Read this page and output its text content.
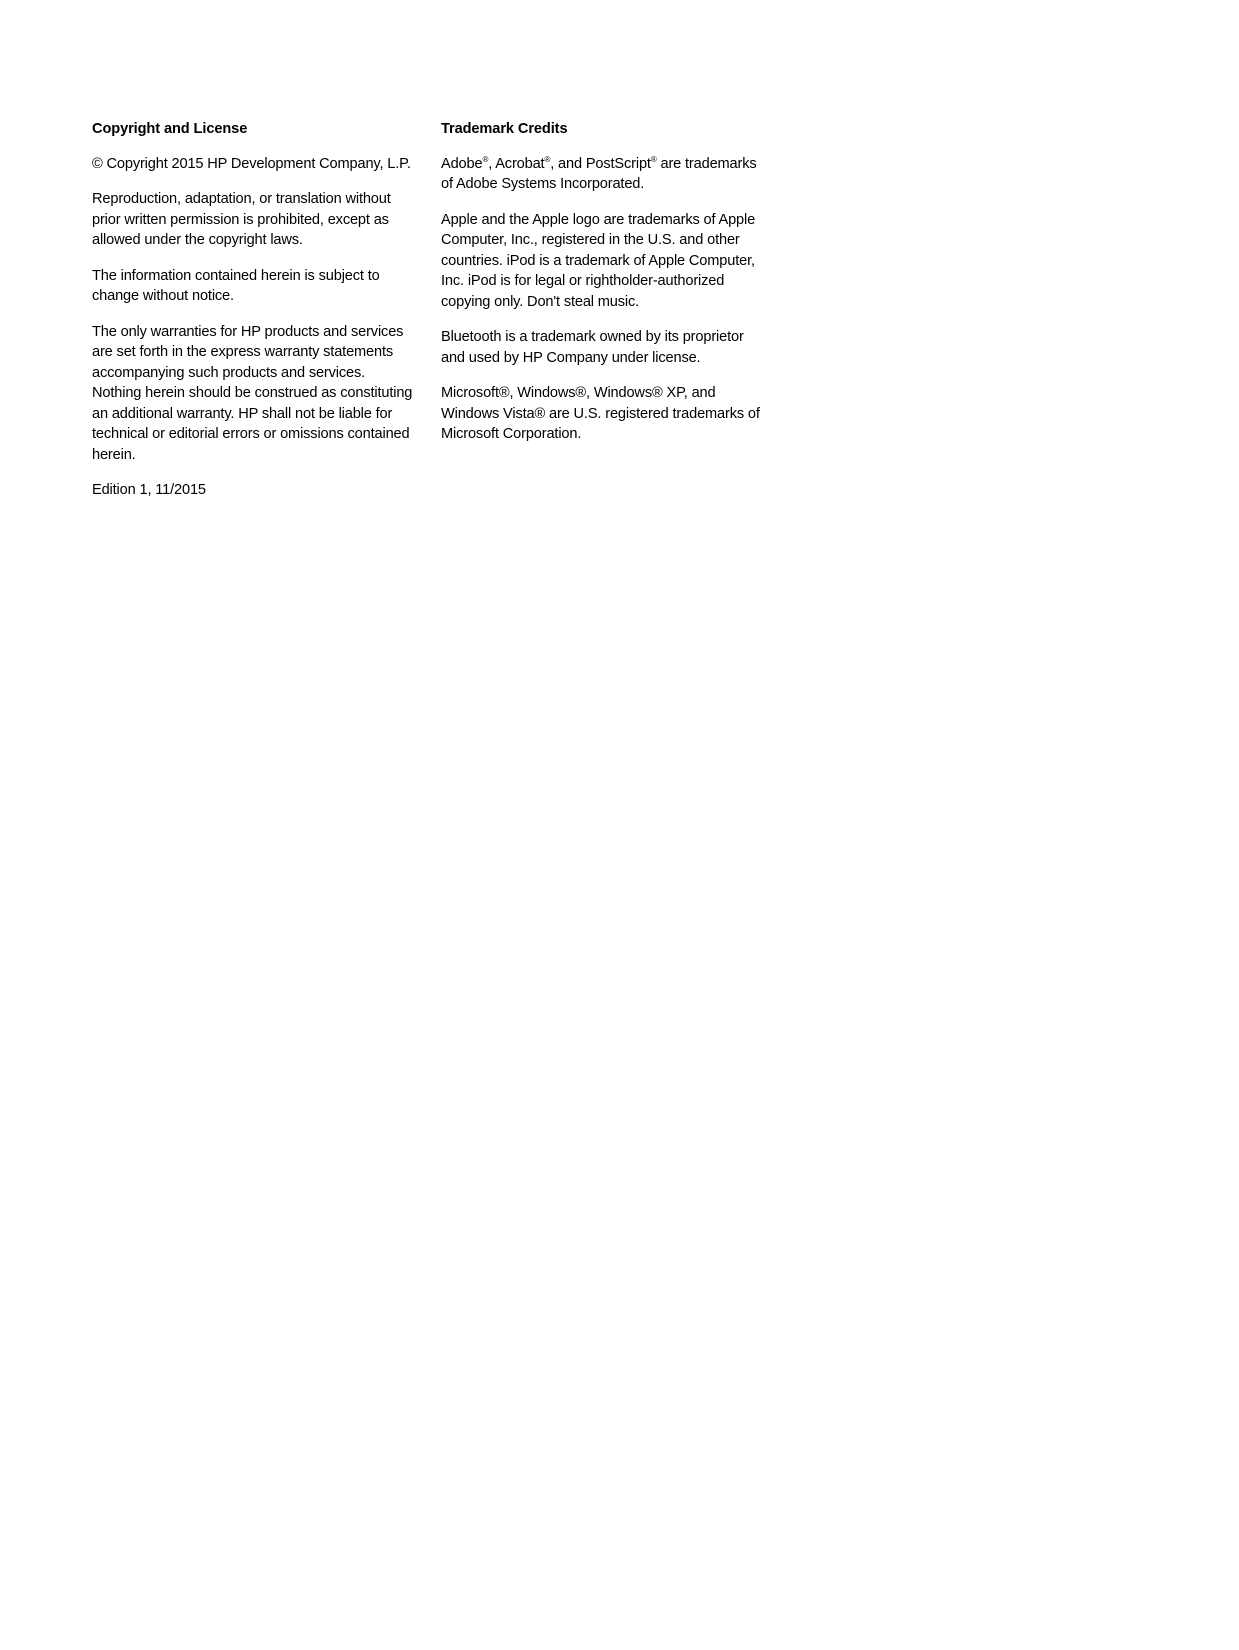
Copyright and License
© Copyright 2015 HP Development Company, L.P.
Reproduction, adaptation, or translation without prior written permission is prohibited, except as allowed under the copyright laws.
The information contained herein is subject to change without notice.
The only warranties for HP products and services are set forth in the express warranty statements accompanying such products and services. Nothing herein should be construed as constituting an additional warranty. HP shall not be liable for technical or editorial errors or omissions contained herein.
Edition 1, 11/2015
Trademark Credits
Adobe®, Acrobat®, and PostScript® are trademarks of Adobe Systems Incorporated.
Apple and the Apple logo are trademarks of Apple Computer, Inc., registered in the U.S. and other countries. iPod is a trademark of Apple Computer, Inc. iPod is for legal or rightholder-authorized copying only. Don't steal music.
Bluetooth is a trademark owned by its proprietor and used by HP Company under license.
Microsoft®, Windows®, Windows® XP, and Windows Vista® are U.S. registered trademarks of Microsoft Corporation.
